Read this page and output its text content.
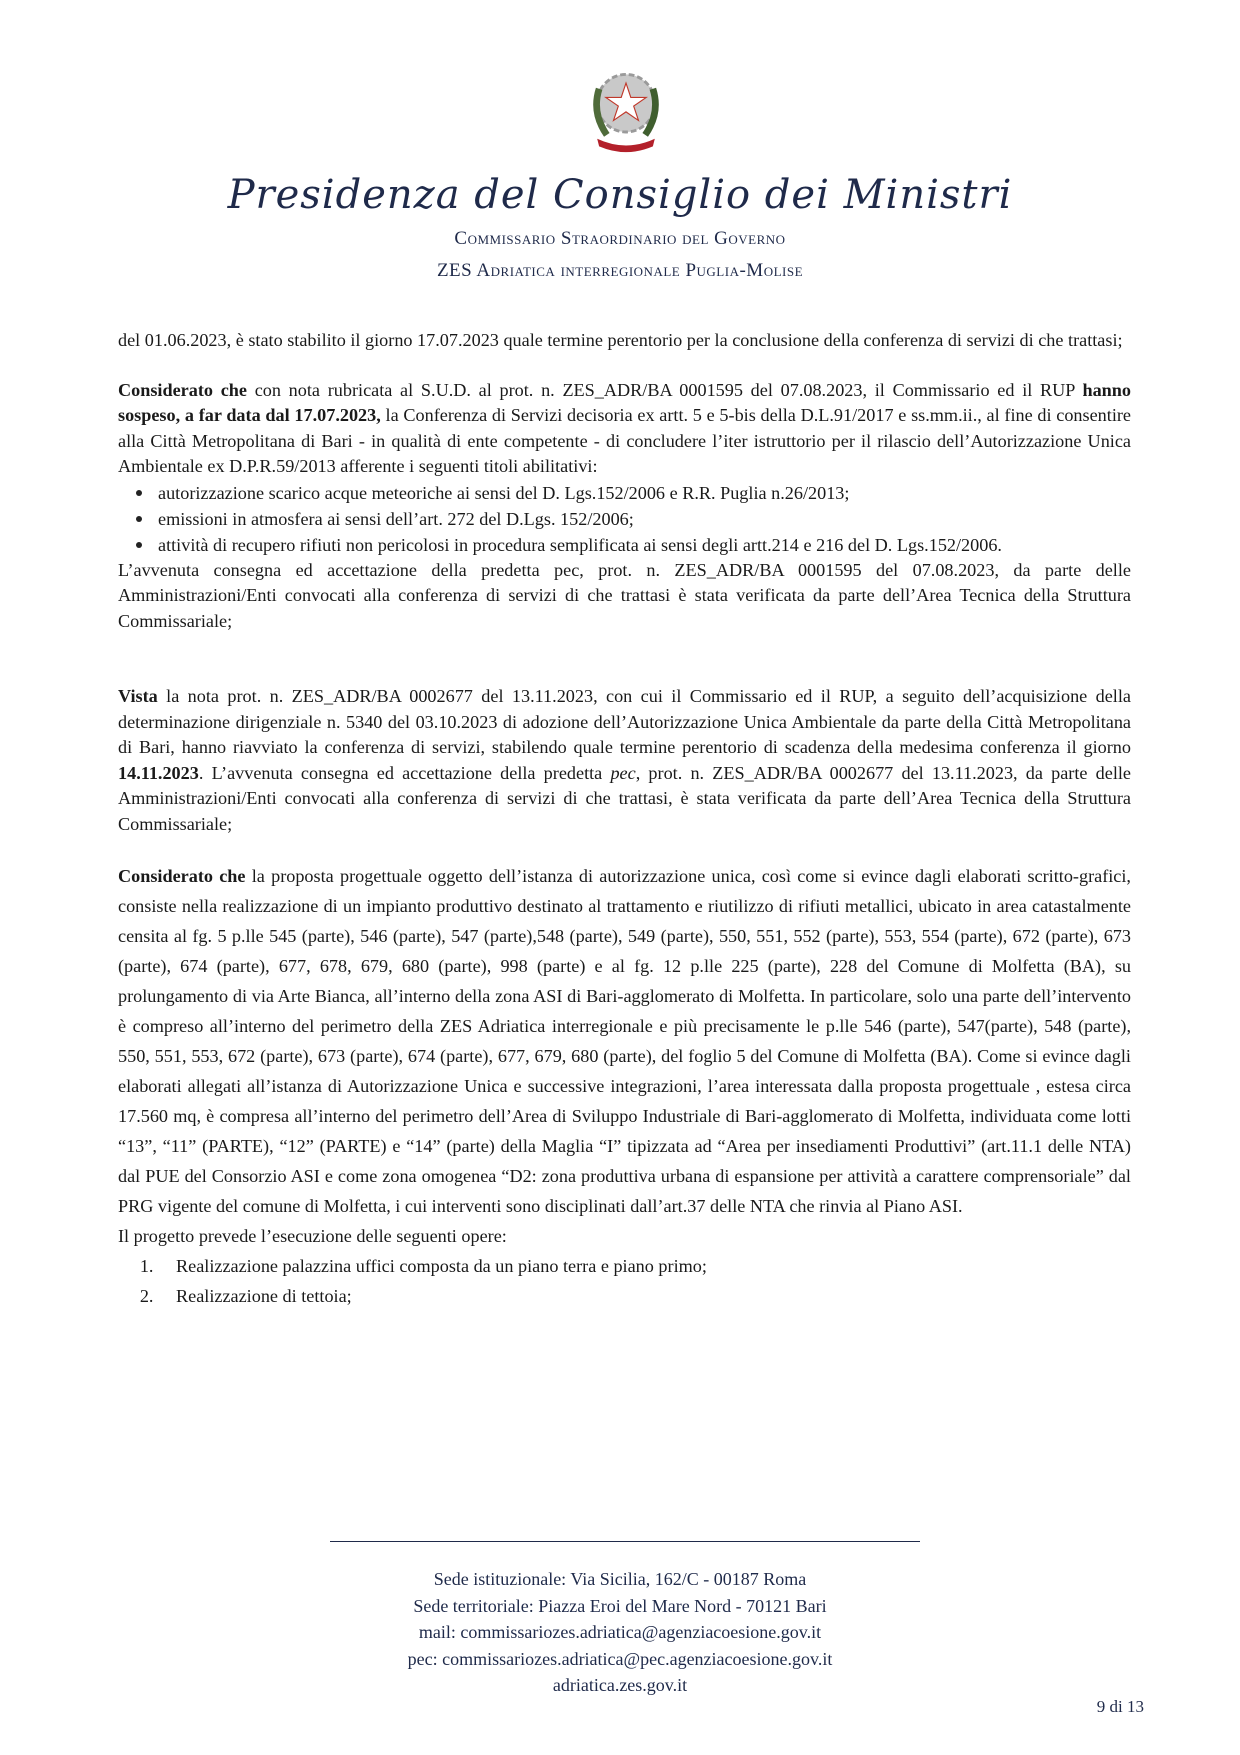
Presidenza del Consiglio dei Ministri
Commissario Straordinario del Governo
ZES Adriatica interregionale Puglia-Molise

del 01.06.2023, è stato stabilito il giorno 17.07.2023 quale termine perentorio per la conclusione della conferenza di servizi di che trattasi;

Considerato che con nota rubricata al S.U.D. al prot. n. ZES_ADR/BA 0001595 del 07.08.2023, il Commissario ed il RUP hanno sospeso, a far data dal 17.07.2023, la Conferenza di Servizi decisoria ex artt. 5 e 5-bis della D.L.91/2017 e ss.mm.ii., al fine di consentire alla Città Metropolitana di Bari - in qualità di ente competente - di concludere l’iter istruttorio per il rilascio dell’Autorizzazione Unica Ambientale ex D.P.R.59/2013 afferente i seguenti titoli abilitativi:

autorizzazione scarico acque meteoriche ai sensi del D. Lgs.152/2006 e R.R. Puglia n.26/2013;
emissioni in atmosfera ai sensi dell’art. 272 del D.Lgs. 152/2006;
attività di recupero rifiuti non pericolosi in procedura semplificata ai sensi degli artt.214 e 216 del D. Lgs.152/2006.

L’avvenuta consegna ed accettazione della predetta pec, prot. n. ZES_ADR/BA 0001595 del 07.08.2023, da parte delle Amministrazioni/Enti convocati alla conferenza di servizi di che trattasi è stata verificata da parte dell’Area Tecnica della Struttura Commissariale;

Vista la nota prot. n. ZES_ADR/BA 0002677 del 13.11.2023, con cui il Commissario ed il RUP, a seguito dell’acquisizione della determinazione dirigenziale n. 5340 del 03.10.2023 di adozione dell’Autorizzazione Unica Ambientale da parte della Città Metropolitana di Bari, hanno riavviato la conferenza di servizi, stabilendo quale termine perentorio di scadenza della medesima conferenza il giorno 14.11.2023. L’avvenuta consegna ed accettazione della predetta pec, prot. n. ZES_ADR/BA 0002677 del 13.11.2023, da parte delle Amministrazioni/Enti convocati alla conferenza di servizi di che trattasi, è stata verificata da parte dell’Area Tecnica della Struttura Commissariale;

Considerato che la proposta progettuale oggetto dell’istanza di autorizzazione unica, così come si evince dagli elaborati scritto-grafici, consiste nella realizzazione di un impianto produttivo destinato al trattamento e riutilizzo di rifiuti metallici, ubicato in area catastalmente censita al fg. 5 p.lle 545 (parte), 546 (parte), 547 (parte),548 (parte), 549 (parte), 550, 551, 552 (parte), 553, 554 (parte), 672 (parte), 673 (parte), 674 (parte), 677, 678, 679, 680 (parte), 998 (parte) e al fg. 12 p.lle 225 (parte), 228 del Comune di Molfetta (BA), su prolungamento di via Arte Bianca, all’interno della zona ASI di Bari-agglomerato di Molfetta. In particolare, solo una parte dell’intervento è compreso all’interno del perimetro della ZES Adriatica interregionale e più precisamente le p.lle 546 (parte), 547(parte), 548 (parte), 550, 551, 553, 672 (parte), 673 (parte), 674 (parte), 677, 679, 680 (parte), del foglio 5 del Comune di Molfetta (BA). Come si evince dagli elaborati allegati all’istanza di Autorizzazione Unica e successive integrazioni, l’area interessata dalla proposta progettuale , estesa circa 17.560 mq, è compresa all’interno del perimetro dell’Area di Sviluppo Industriale di Bari-agglomerato di Molfetta, individuata come lotti “13”, “11” (PARTE), “12” (PARTE) e “14” (parte) della Maglia “I” tipizzata ad “Area per insediamenti Produttivi” (art.11.1 delle NTA) dal PUE del Consorzio ASI e come zona omogenea “D2: zona produttiva urbana di espansione per attività a carattere comprensoriale” dal PRG vigente del comune di Molfetta, i cui interventi sono disciplinati dall’art.37 delle NTA che rinvia al Piano ASI.

Il progetto prevede l’esecuzione delle seguenti opere:

1. Realizzazione palazzina uffici composta da un piano terra e piano primo;
2. Realizzazione di tettoia;
Sede istituzionale: Via Sicilia, 162/C - 00187 Roma
Sede territoriale: Piazza Eroi del Mare Nord - 70121 Bari
mail: commissariozes.adriatica@agenziacoesione.gov.it
pec: commissariozes.adriatica@pec.agenziacoesione.gov.it
adriatica.zes.gov.it
9 di 13
